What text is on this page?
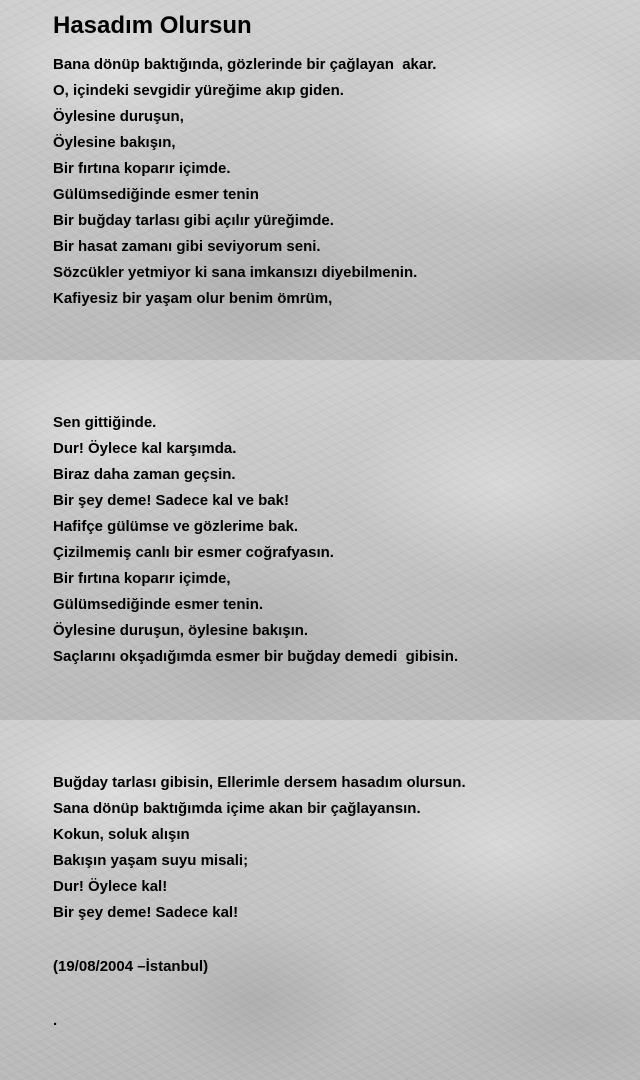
Hasadım Olursun
Bana dönüp baktığında, gözlerinde bir çağlayan  akar.
O, içindeki sevgidir yüreğime akıp giden.
Öylesine duruşun,
Öylesine bakışın,
Bir fırtına koparır içimde.
Gülümsediğinde esmer tenin
Bir buğday tarlası gibi açılır yüreğimde.
Bir hasat zamanı gibi seviyorum seni.
Sözcükler yetmiyor ki sana imkansızı diyebilmenin.
Kafiyesiz bir yaşam olur benim ömrüm,
Sen gittiğinde.
Dur! Öylece kal karşımda.
Biraz daha zaman geçsin.
Bir şey deme! Sadece kal ve bak!
Hafifçe gülümse ve gözlerime bak.
Çizilmemiş canlı bir esmer coğrafyasın.
Bir fırtına koparır içimde,
Gülümsediğinde esmer tenin.
Öylesine duruşun, öylesine bakışın.
Saçlarını okşadığımda esmer bir buğday demedi  gibisin.
Buğday tarlası gibisin, Ellerimle dersem hasadım olursun.
Sana dönüp baktığımda içime akan bir çağlayansın.
Kokun, soluk alışın
Bakışın yaşam suyu misali;
Dur! Öylece kal!
Bir şey deme! Sadece kal!

(19/08/2004 –İstanbul)

.
